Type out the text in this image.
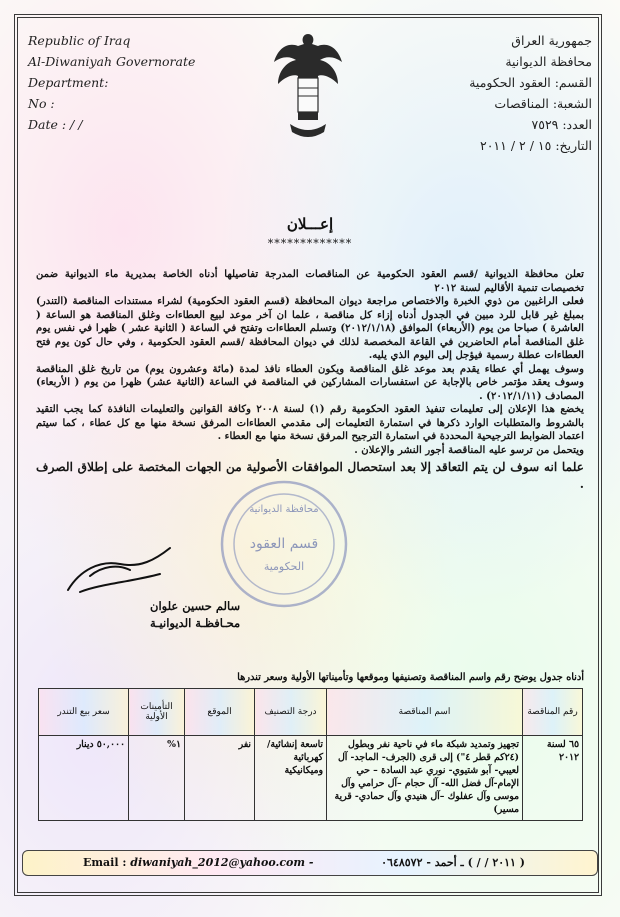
Republic of Iraq
Al-Diwaniyah Governorate
Department:
No :
Date : / /
جمهورية العراق
محافظة الديوانية
القسم: العقود الحكومية
الشعبة: المناقصات
العدد: ٧٥٢٩
التاريخ: ١٥ / ٢ / ٢٠١١
إعـــلان
*************

تعلن محافظة الديوانية /قسم العقود الحكومية عن المناقصات المدرجة تفاصيلها أدناه الخاصة بمديرية ماء الديوانية ضمن تخصيصات تنمية الأقاليم لسنة ٢٠١٢

فعلى الراغبين من ذوي الخبرة والاختصاص مراجعة ديوان المحافظة (قسم العقود الحكومية) لشراء مستندات المناقصة (التندر) بمبلغ غير قابل للرد مبين في الجدول أدناه إزاء كل مناقصة ، علما ان آخر موعد لبيع العطاءات وغلق المناقصة هو الساعة ( العاشرة ) صباحا من يوم (الأربعاء) الموافق (٢٠١٢/١/١٨) وتسلم العطاءات وتفتح في الساعة ( الثانية عشر ) ظهرا في نفس يوم غلق المناقصة أمام الحاضرين في القاعة المخصصة لذلك في ديوان المحافظة /قسم العقود الحكومية ، وفي حال كون يوم فتح العطاءات عطلة رسمية فيؤجل إلى اليوم الذي يليه.

وسوف يهمل أي عطاء يقدم بعد موعد غلق المناقصة ويكون العطاء نافذ لمدة (مائة وعشرون يوم) من تاريخ غلق المناقصة وسوف يعقد مؤتمر خاص بالإجابة عن استفسارات المشاركين في المناقصة في الساعة (الثانية عشر) ظهرا من يوم ( الأربعاء) المصادف (٢٠١٢/١/١١) .

يخضع هذا الإعلان إلى تعليمات تنفيذ العقود الحكومية رقم (١) لسنة ٢٠٠٨ وكافة القوانين والتعليمات النافذة كما يجب التقيد بالشروط والمتطلبات الوارد ذكرها في استمارة التعليمات إلى مقدمي العطاءات المرفق نسخة منها مع كل عطاء ، كما سيتم اعتماد الضوابط الترجيحية المحددة في استمارة الترجيح المرفق نسخة منها مع العطاء .

ويتحمل من ترسو عليه المناقصة أجور النشر والإعلان .

علما انه سوف لن يتم التعاقد إلا بعد استحصال الموافقات الأصولية من الجهات المختصة على إطلاق الصرف .

محافظة الديوانية
قسم العقود
الحكومية
سالم حسين علوان
محـافظـة الديوانيـة
أدناه جدول يوضح رقم واسم المناقصة وتصنيفها وموقعها وتأميناتها الأولية وسعر تندرها
رقم المناقصة	اسم المناقصة	درجة التصنيف	الموقع	التأمينات الأولية	سعر بيع التندر
٦٥ لسنة ٢٠١٢	تجهيز وتمديد شبكة ماء في ناحية نفر وبطول (٢٤كم قطر ٤") إلى قرى (الجرف- الماجد- آل لعيبي- آبو شتيوي- نوري عبد السادة – حي الإمام-آل فضل الله- آل حجام –آل حرامي وآل موسى وآل عفلوك –آل هنيدي وآل حمادي- قرية مسير)	تاسعة إنشائية/ كهربائية وميكانيكية	نفر	١%	٥٠,٠٠٠ دينار
Email : diwaniyah_2012@yahoo.com -	( ٢٠١١ / / ) ـ أحمد - ٠٦٤٨٥٧٢
